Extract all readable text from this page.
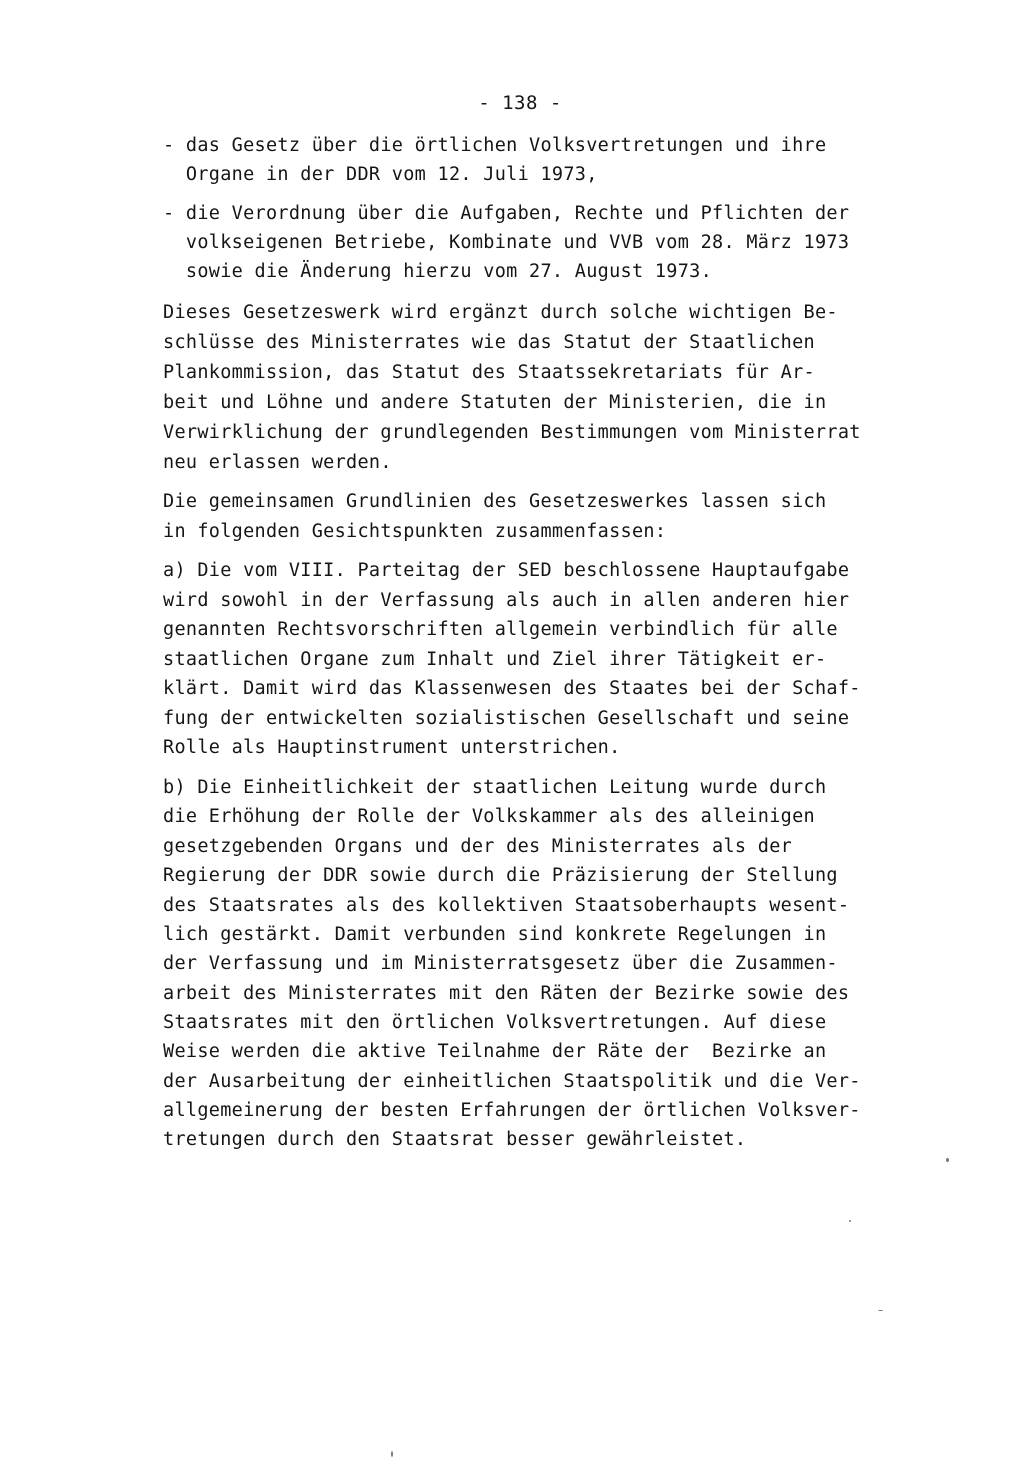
- 138 -
- das Gesetz über die örtlichen Volksvertretungen und ihre
Organe in der DDR vom 12. Juli 1973,
- die Verordnung über die Aufgaben, Rechte und Pflichten der
volkseigenen Betriebe, Kombinate und VVB vom 28. März 1973
sowie die Änderung hierzu vom 27. August 1973.
Dieses Gesetzeswerk wird ergänzt durch solche wichtigen Be-
schlüsse des Ministerrates wie das Statut der Staatlichen
Plankommission, das Statut des Staatssekretariats für Ar-
beit und Löhne und andere Statuten der Ministerien, die in
Verwirklichung der grundlegenden Bestimmungen vom Ministerrat
neu erlassen werden.
Die gemeinsamen Grundlinien des Gesetzeswerkes lassen sich
in folgenden Gesichtspunkten zusammenfassen:
a) Die vom VIII. Parteitag der SED beschlossene Hauptaufgabe
wird sowohl in der Verfassung als auch in allen anderen hier
genannten Rechtsvorschriften allgemein verbindlich für alle
staatlichen Organe zum Inhalt und Ziel ihrer Tätigkeit er-
klärt. Damit wird das Klassenwesen des Staates bei der Schaf-
fung der entwickelten sozialistischen Gesellschaft und seine
Rolle als Hauptinstrument unterstrichen.
b) Die Einheitlichkeit der staatlichen Leitung wurde durch
die Erhöhung der Rolle der Volkskammer als des alleinigen
gesetzgebenden Organs und der des Ministerrates als der
Regierung der DDR sowie durch die Präzisierung der Stellung
des Staatsrates als des kollektiven Staatsoberhaupts wesent-
lich gestärkt. Damit verbunden sind konkrete Regelungen in
der Verfassung und im Ministerratsgesetz über die Zusammen-
arbeit des Ministerrates mit den Räten der Bezirke sowie des
Staatsrates mit den örtlichen Volksvertretungen. Auf diese
Weise werden die aktive Teilnahme der Räte der  Bezirke an
der Ausarbeitung der einheitlichen Staatspolitik und die Ver-
allgemeinerung der besten Erfahrungen der örtlichen Volksver-
tretungen durch den Staatsrat besser gewährleistet.
